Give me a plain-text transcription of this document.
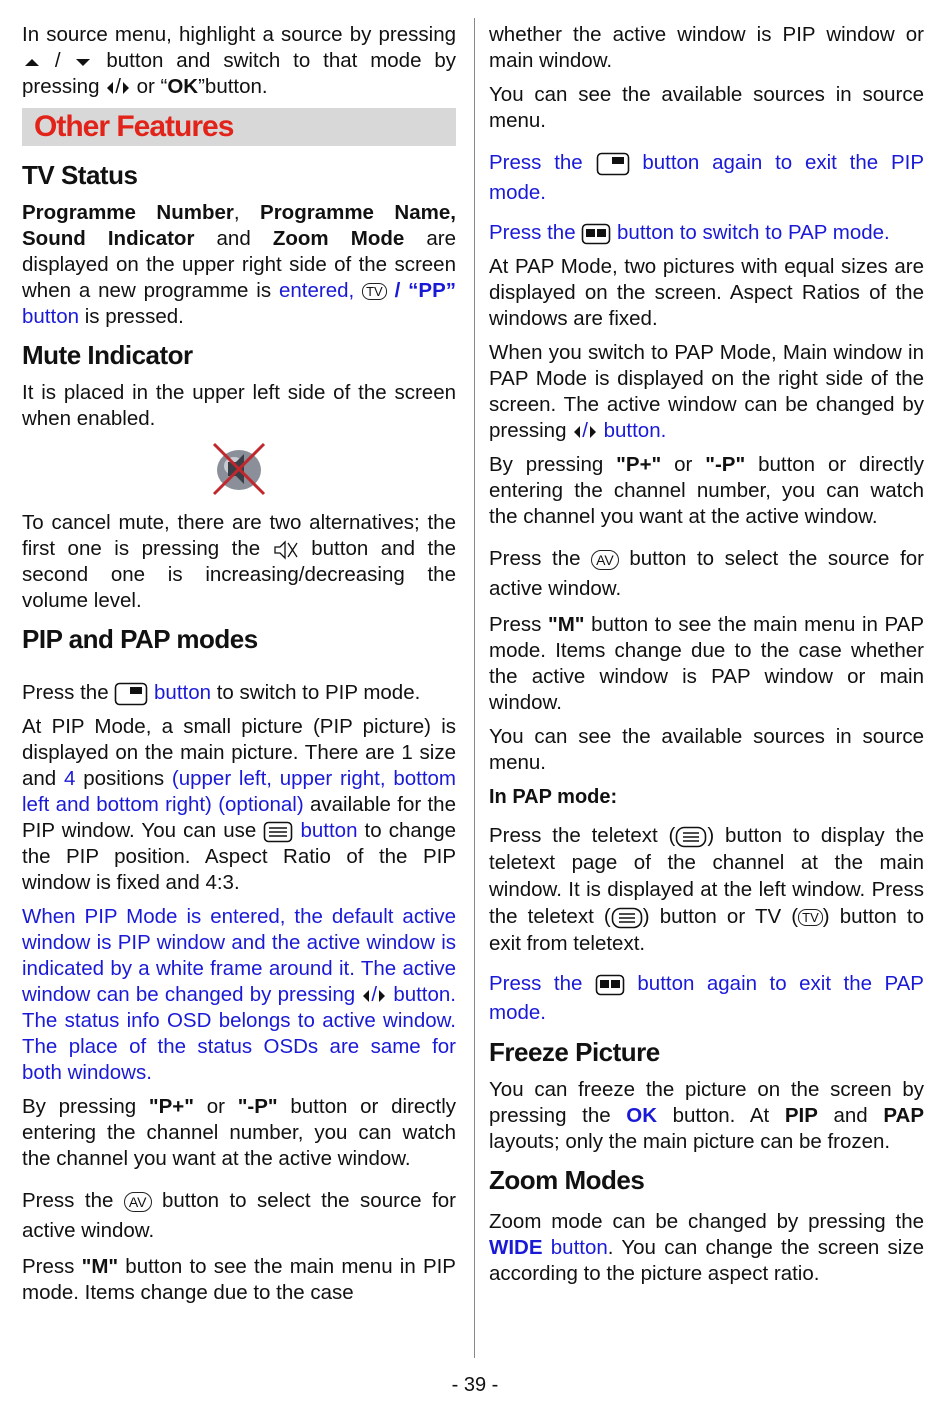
In source menu, highlight a source by pressing  / button and switch to that mode by pressing / or “OK”button.

Other Features
TV Status

Programme Number, Programme Name, Sound Indicator and Zoom Mode are displayed on the upper right side of the screen when a new programme is entered, TV / “PP” button is pressed.

Mute Indicator

It is placed in the upper left side of the screen when enabled.

To cancel mute, there are two alternatives; the first one is pressing the button and the second one is increasing/decreasing the volume level.

PIP and PAP modes

Press the button to switch to PIP mode.

At PIP Mode, a small picture (PIP picture) is displayed on the main picture. There are 1 size and 4 positions (upper left, upper right, bottom left and bottom right) (optional) available for the PIP window. You can use button to change the PIP position. Aspect Ratio of the PIP window is fixed and 4:3.

When PIP Mode is entered, the default active window is PIP window and the active window is indicated by a white frame around it. The active window can be changed by pressing / button. The status info OSD belongs to active window. The place of the status OSDs are same for both windows.

By pressing "P+" or "-P" button or directly entering the channel number, you can watch the channel you want at the active window.

Press the AV button to select the source for active window.

Press "M" button to see the main menu in PIP mode. Items change due to the case

whether the active window is PIP window or main window.

You can see the available sources in source menu.

Press the	button again to exit the PIP mode.

Press the button to switch to PAP mode.

At PAP Mode, two pictures with equal sizes are displayed on the screen. Aspect Ratios of the windows are fixed.

When you switch to PAP Mode, Main window in PAP Mode is displayed on the right side of the screen. The active window can be changed by pressing / button.

By pressing "P+" or "-P" button or directly entering the channel number, you can watch the channel you want at the active window.

Press the AV button to select the source for active window.

Press "M" button to see the main menu in PAP mode. Items change due to the case whether the active window is PAP window or main window.

You can see the available sources in source menu.

In PAP mode:

Press the teletext ( ) button to display the teletext page of the channel at the main window. It is displayed at the left window. Press the teletext ( ) button or TV ( TV ) button to exit from teletext.

Press the	button again to exit the PAP mode.

Freeze Picture

You can freeze the picture on the screen by pressing the OK button. At PIP and PAP layouts; only the main picture can be frozen.

Zoom Modes

Zoom mode can be changed by pressing the WIDE button. You can change the screen size according to the picture aspect ratio.

- 39 -
